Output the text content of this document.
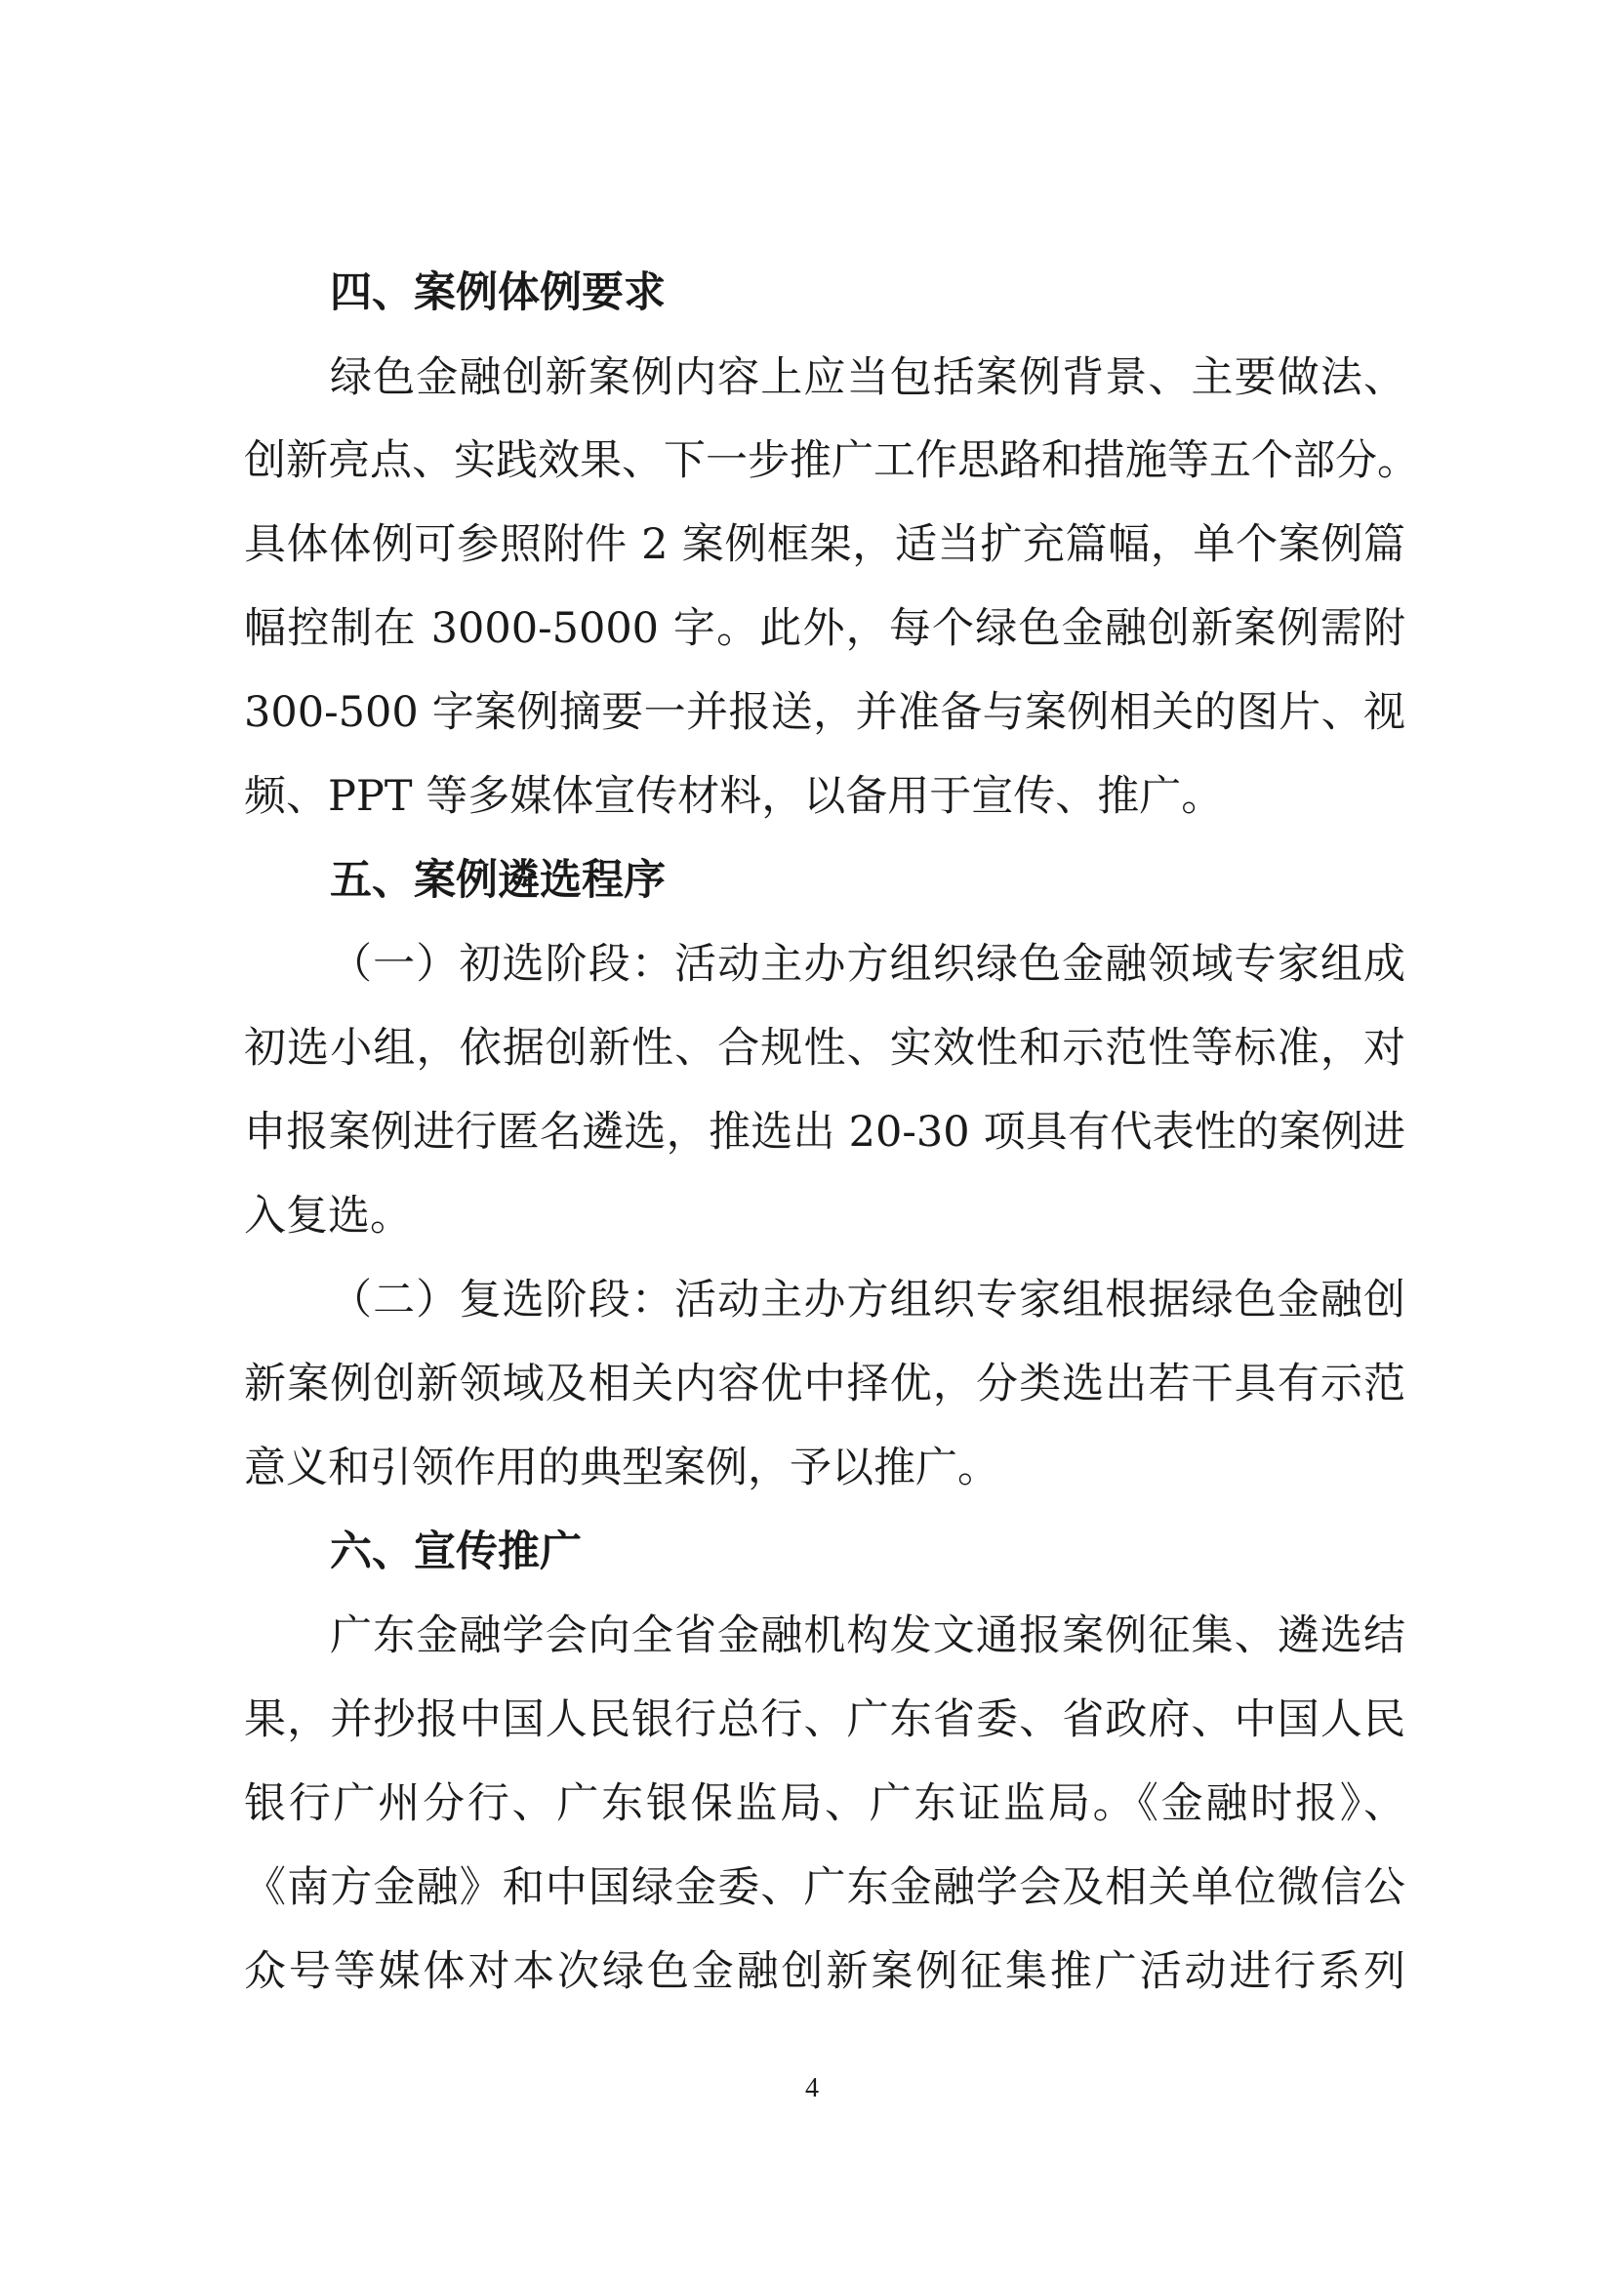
四、案例体例要求
绿色金融创新案例内容上应当包括案例背景、主要做法、
创新亮点、实践效果、下一步推广工作思路和措施等五个部分。
具体体例可参照附件 2 案例框架，适当扩充篇幅，单个案例篇
幅控制在 3000-5000 字。此外，每个绿色金融创新案例需附
300-500 字案例摘要一并报送，并准备与案例相关的图片、视
频、PPT 等多媒体宣传材料，以备用于宣传、推广。
五、案例遴选程序
（一）初选阶段：活动主办方组织绿色金融领域专家组成
初选小组，依据创新性、合规性、实效性和示范性等标准，对
申报案例进行匿名遴选，推选出 20-30 项具有代表性的案例进
入复选。
（二）复选阶段：活动主办方组织专家组根据绿色金融创
新案例创新领域及相关内容优中择优，分类选出若干具有示范
意义和引领作用的典型案例，予以推广。
六、宣传推广
广东金融学会向全省金融机构发文通报案例征集、遴选结
果，并抄报中国人民银行总行、广东省委、省政府、中国人民
银行广州分行、广东银保监局、广东证监局。《金融时报》、
《南方金融》和中国绿金委、广东金融学会及相关单位微信公
众号等媒体对本次绿色金融创新案例征集推广活动进行系列
4
